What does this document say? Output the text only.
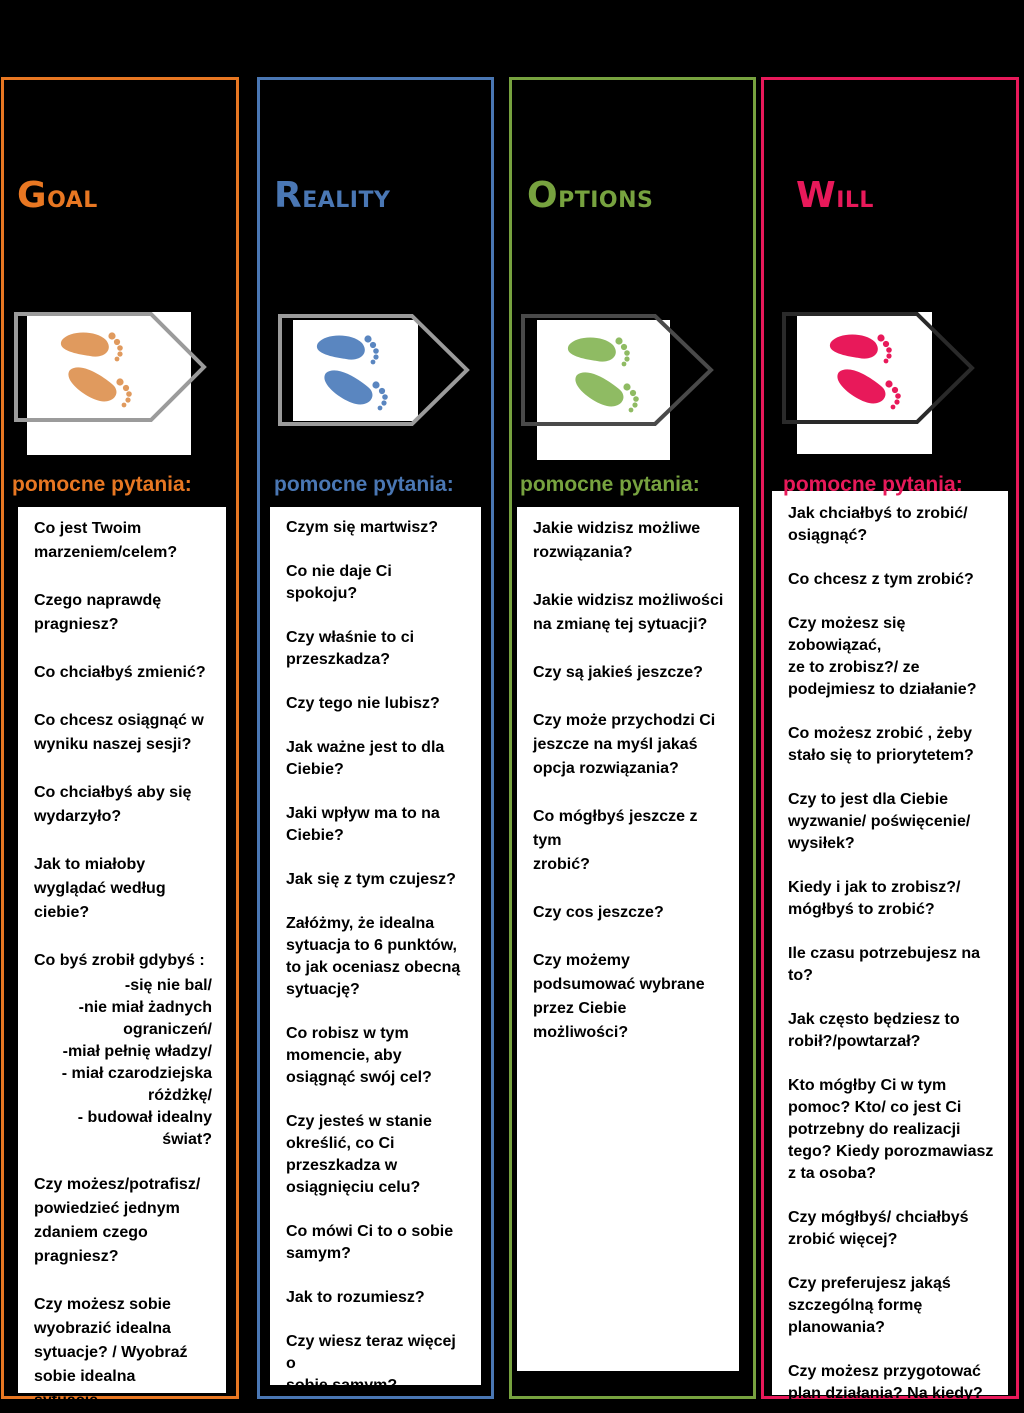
Goal
pomocne pytania:
Co jest Twoim
marzeniem/celem?
Czego naprawdę
pragniesz?
Co chciałbyś zmienić?
Co chcesz osiągnąć w
wyniku naszej sesji?
Co chciałbyś aby się
wydarzyło?
Jak to miałoby
wyglądać według
ciebie?
Co byś zrobił gdybyś :
-się nie bal/
-nie miał żadnych
ograniczeń/
-miał pełnię władzy/
- miał czarodziejska
różdżkę/
- budował idealny
świat?
Czy możesz/potrafisz/
powiedzieć jednym
zdaniem czego
pragniesz?
Czy możesz sobie
wyobrazić idealna
sytuacje? / Wyobraź
sobie idealna sytuacje…
Reality
pomocne pytania:
Czym się martwisz?
Co nie daje Ci spokoju?
Czy właśnie to ci
przeszkadza?
Czy tego nie lubisz?
Jak ważne jest to dla
Ciebie?
Jaki wpływ ma to na
Ciebie?
Jak się z tym czujesz?
Załóżmy, że idealna
sytuacja to 6 punktów,
to jak oceniasz obecną
sytuację?
Co robisz w tym
momencie, aby
osiągnąć swój cel?
Czy jesteś w stanie
określić, co Ci
przeszkadza w
osiągnięciu celu?
Co mówi Ci to o sobie
samym?
Jak to rozumiesz?
Czy wiesz teraz więcej o
sobie samym?
Options
pomocne pytania:
Jakie widzisz możliwe
rozwiązania?
Jakie widzisz możliwości
na zmianę tej sytuacji?
Czy są jakieś jeszcze?
Czy może przychodzi Ci
jeszcze na myśl jakaś
opcja rozwiązania?
Co mógłbyś jeszcze z tym
zrobić?
Czy cos jeszcze?
Czy możemy
podsumować wybrane
przez Ciebie możliwości?
Will
Jak chciałbyś to zrobić/
osiągnąć?
Co chcesz z tym zrobić?
Czy możesz się zobowiązać,
ze to zrobisz?/ ze
podejmiesz to działanie?
Co możesz zrobić , żeby
stało się to priorytetem?
Czy to jest dla Ciebie
wyzwanie/ poświęcenie/
wysiłek?
Kiedy i jak to zrobisz?/
mógłbyś to zrobić?
Ile czasu potrzebujesz na
to?
Jak często będziesz to
robił?/powtarzał?
Kto mógłby Ci w tym
pomoc? Kto/ co jest Ci
potrzebny do realizacji
tego? Kiedy porozmawiasz
z ta osoba?
Czy mógłbyś/ chciałbyś
zrobić więcej?
Czy preferujesz jakąś
szczególną formę
planowania?
Czy możesz przygotować
plan działania? Na kiedy?
pomocne pytania:
